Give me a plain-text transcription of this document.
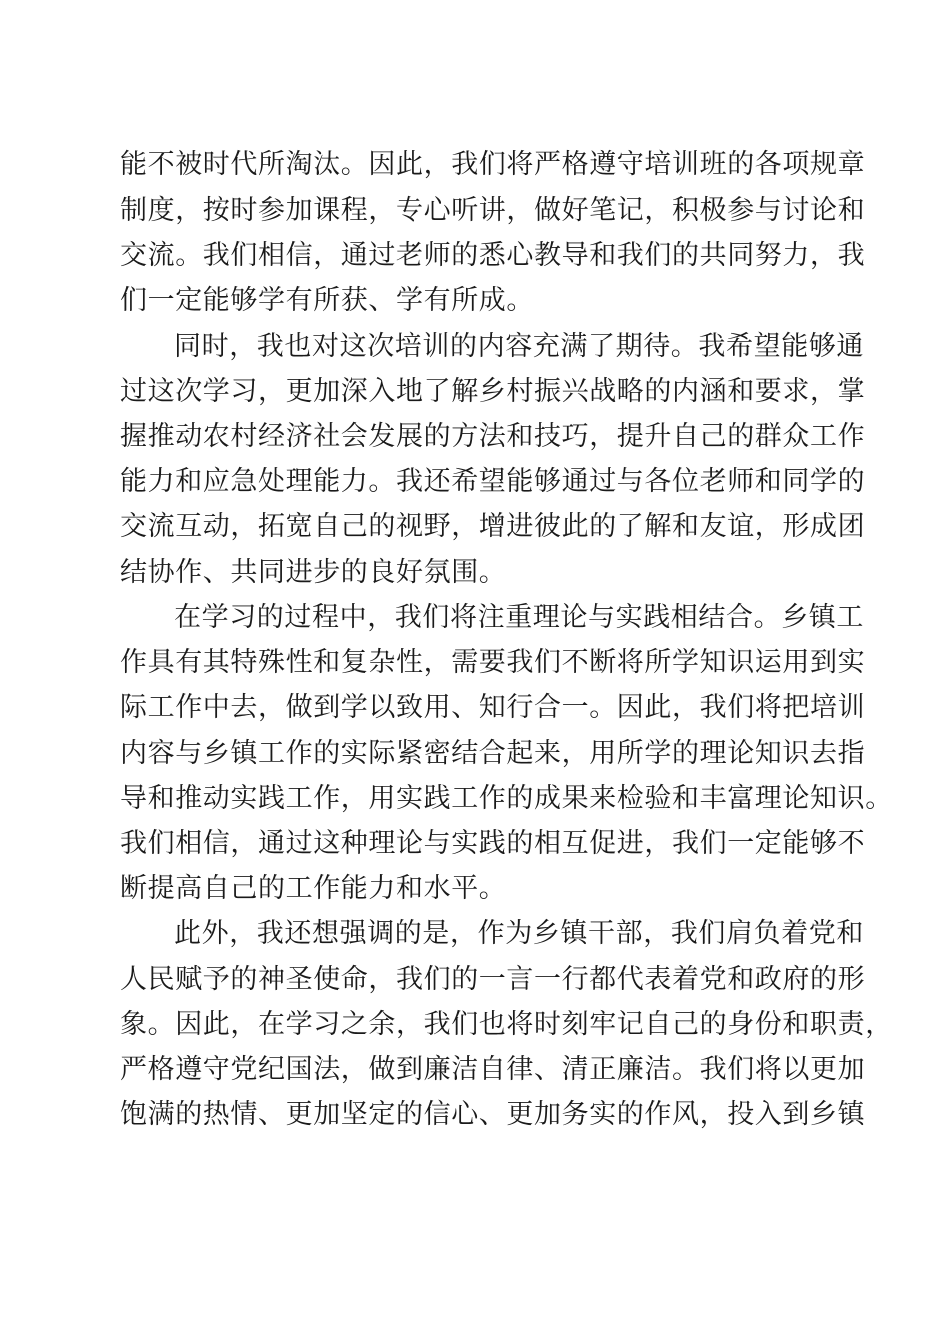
能不被时代所淘汰。因此，我们将严格遵守培训班的各项规章
制度，按时参加课程，专心听讲，做好笔记，积极参与讨论和
交流。我们相信，通过老师的悉心教导和我们的共同努力，我
们一定能够学有所获、学有所成。
同时，我也对这次培训的内容充满了期待。我希望能够通
过这次学习，更加深入地了解乡村振兴战略的内涵和要求，掌
握推动农村经济社会发展的方法和技巧，提升自己的群众工作
能力和应急处理能力。我还希望能够通过与各位老师和同学的
交流互动，拓宽自己的视野，增进彼此的了解和友谊，形成团
结协作、共同进步的良好氛围。
在学习的过程中，我们将注重理论与实践相结合。乡镇工
作具有其特殊性和复杂性，需要我们不断将所学知识运用到实
际工作中去，做到学以致用、知行合一。因此，我们将把培训
内容与乡镇工作的实际紧密结合起来，用所学的理论知识去指
导和推动实践工作，用实践工作的成果来检验和丰富理论知识。
我们相信，通过这种理论与实践的相互促进，我们一定能够不
断提高自己的工作能力和水平。
此外，我还想强调的是，作为乡镇干部，我们肩负着党和
人民赋予的神圣使命，我们的一言一行都代表着党和政府的形
象。因此，在学习之余，我们也将时刻牢记自己的身份和职责，
严格遵守党纪国法，做到廉洁自律、清正廉洁。我们将以更加
饱满的热情、更加坚定的信心、更加务实的作风，投入到乡镇
